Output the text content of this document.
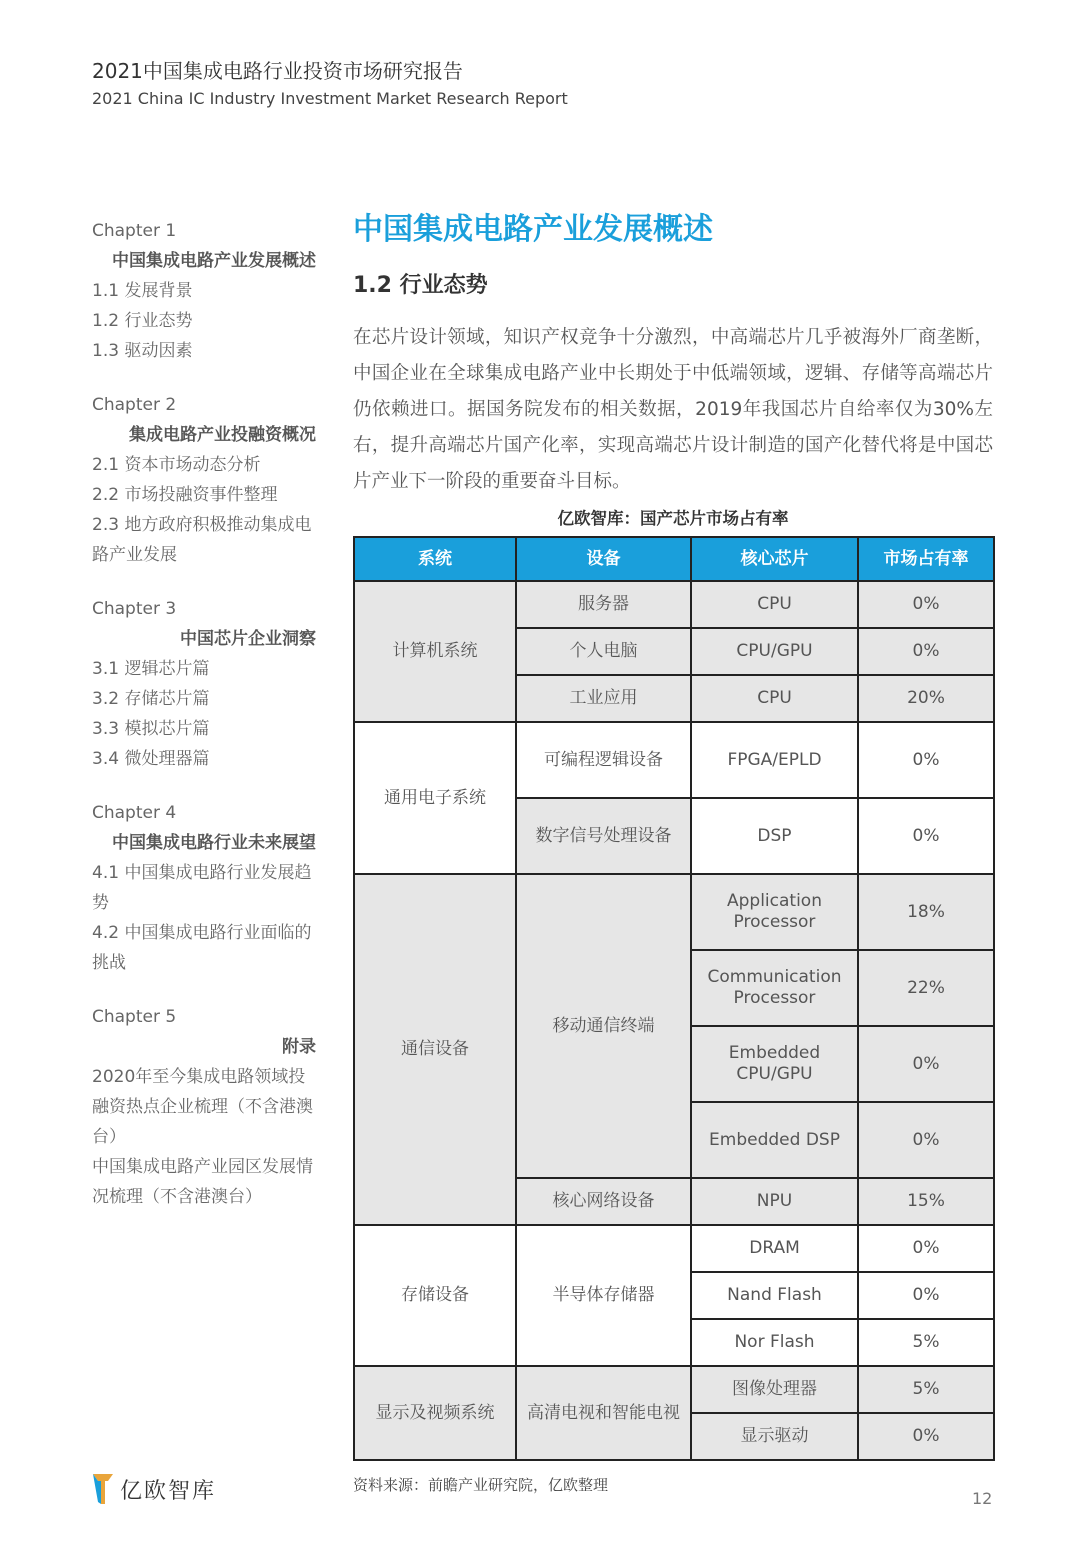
2021中国集成电路行业投资市场研究报告
2021 China IC Industry Investment Market Research Report
Chapter 1
中国集成电路产业发展概述
1.1 发展背景
1.2 行业态势
1.3 驱动因素
Chapter 2
集成电路产业投融资概况
2.1 资本市场动态分析
2.2 市场投融资事件整理
2.3 地方政府积极推动集成电路产业发展
Chapter 3
中国芯片企业洞察
3.1 逻辑芯片篇
3.2 存储芯片篇
3.3 模拟芯片篇
3.4 微处理器篇
Chapter 4
中国集成电路行业未来展望
4.1 中国集成电路行业发展趋势
4.2 中国集成电路行业面临的挑战
Chapter 5
附录
2020年至今集成电路领域投融资热点企业梳理（不含港澳台）
中国集成电路产业园区发展情况梳理（不含港澳台）
中国集成电路产业发展概述
1.2 行业态势

在芯片设计领域，知识产权竞争十分激烈，中高端芯片几乎被海外厂商垄断，中国企业在全球集成电路产业中长期处于中低端领域，逻辑、存储等高端芯片仍依赖进口。据国务院发布的相关数据，2019年我国芯片自给率仅为30%左右，提升高端芯片国产化率，实现高端芯片设计制造的国产化替代将是中国芯片产业下一阶段的重要奋斗目标。

亿欧智库：国产芯片市场占有率
系统	设备	核心芯片	市场占有率
计算机系统	服务器	CPU	0%
	个人电脑	CPU/GPU	0%
	工业应用	CPU	20%
通用电子系统	可编程逻辑设备	FPGA/EPLD	0%
	数字信号处理设备	DSP	0%
通信设备	移动通信终端	Application Processor	18%
		Communication Processor	22%
		Embedded CPU/GPU	0%
		Embedded DSP	0%
	核心网络设备	NPU	15%
存储设备	半导体存储器	DRAM	0%
		Nand Flash	0%
		Nor Flash	5%
显示及视频系统	高清电视和智能电视	图像处理器	5%
		显示驱动	0%
亿欧智库	资料来源：前瞻产业研究院，亿欧整理
12
